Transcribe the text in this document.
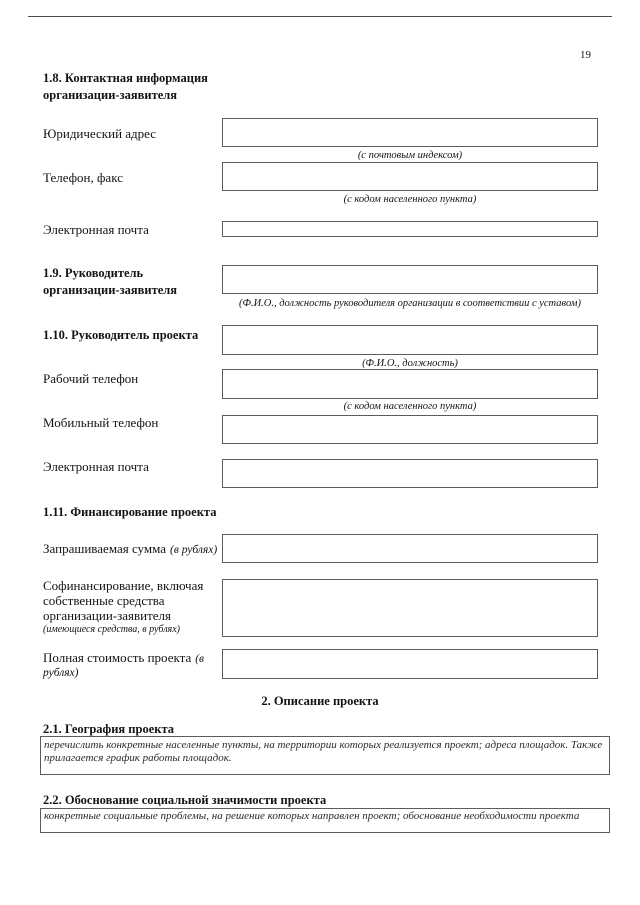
19
1.8. Контактная информация
организации-заявителя
Юридический адрес
(с почтовым индексом)
Телефон, факс
(с кодом населенного пункта)
Электронная почта
1.9. Руководитель
организации-заявителя
(Ф.И.О., должность руководителя организации в соответствии с уставом)
1.10. Руководитель проекта
(Ф.И.О., должность)
Рабочий телефон
(с кодом населенного пункта)
Мобильный телефон
Электронная почта
1.11. Финансирование проекта
Запрашиваемая сумма (в рублях)
Софинансирование, включая
собственные средства
организации-заявителя
(имеющиеся средства, в рублях)
Полная стоимость проекта (в
рублях)
2. Описание проекта
2.1. География проекта
перечислить конкретные населенные пункты, на территории которых реализуется проект; адреса площадок. Также
прилагается график работы площадок.
2.2. Обоснование социальной значимости проекта
конкретные социальные проблемы, на решение которых направлен проект; обоснование необходимости проекта
